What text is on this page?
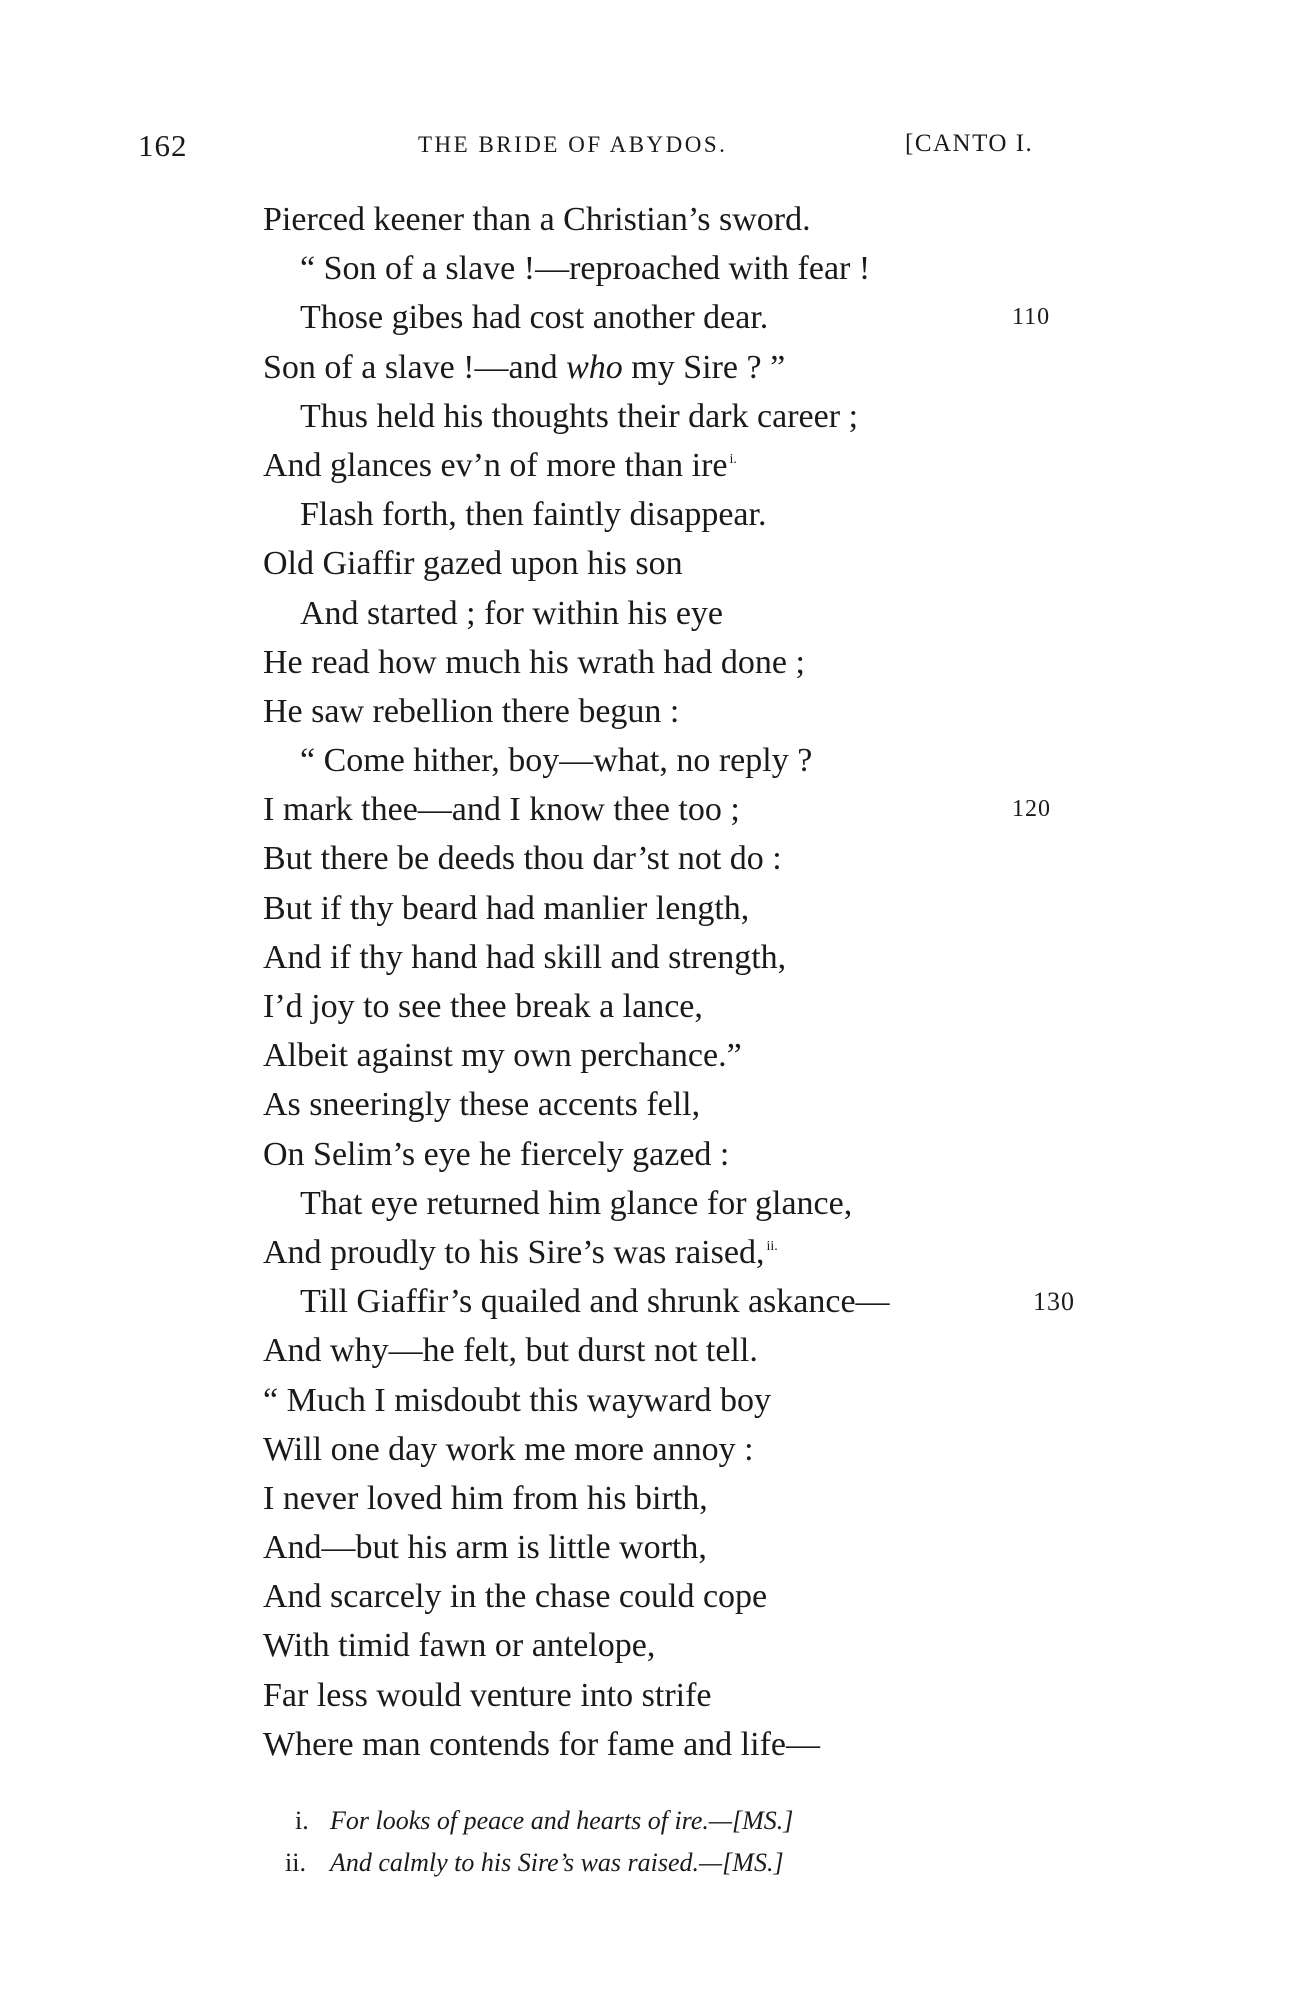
162	THE BRIDE OF ABYDOS.	[CANTO I.
Pierced keener than a Christian’s sword.
“ Son of a slave !—reproached with fear !
Those gibes had cost another dear.	110
Son of a slave !—and who my Sire ? ”
Thus held his thoughts their dark career ;
And glances ev’n of more than ire $^{i.}$
Flash forth, then faintly disappear.
Old Giaffir gazed upon his son
And started ; for within his eye
He read how much his wrath had done ;
He saw rebellion there begun :
“ Come hither, boy—what, no reply ?
I mark thee—and I know thee too ;	120
But there be deeds thou dar’st not do :
But if thy beard had manlier length,
And if thy hand had skill and strength,
I’d joy to see thee break a lance,
Albeit against my own perchance.”
As sneeringly these accents fell,
On Selim’s eye he fiercely gazed :
That eye returned him glance for glance,
And proudly to his Sire’s was raised, $^{ii.}$
Till Giaffir’s quailed and shrunk askance—	130
And why—he felt, but durst not tell.
“ Much I misdoubt this wayward boy
Will one day work me more annoy :
I never loved him from his birth,
And—but his arm is little worth,
And scarcely in the chase could cope
With timid fawn or antelope,
Far less would venture into strife
Where man contends for fame and life—
i. For looks of peace and hearts of ire.—[MS.]
ii. And calmly to his Sire’s was raised.—[MS.]
